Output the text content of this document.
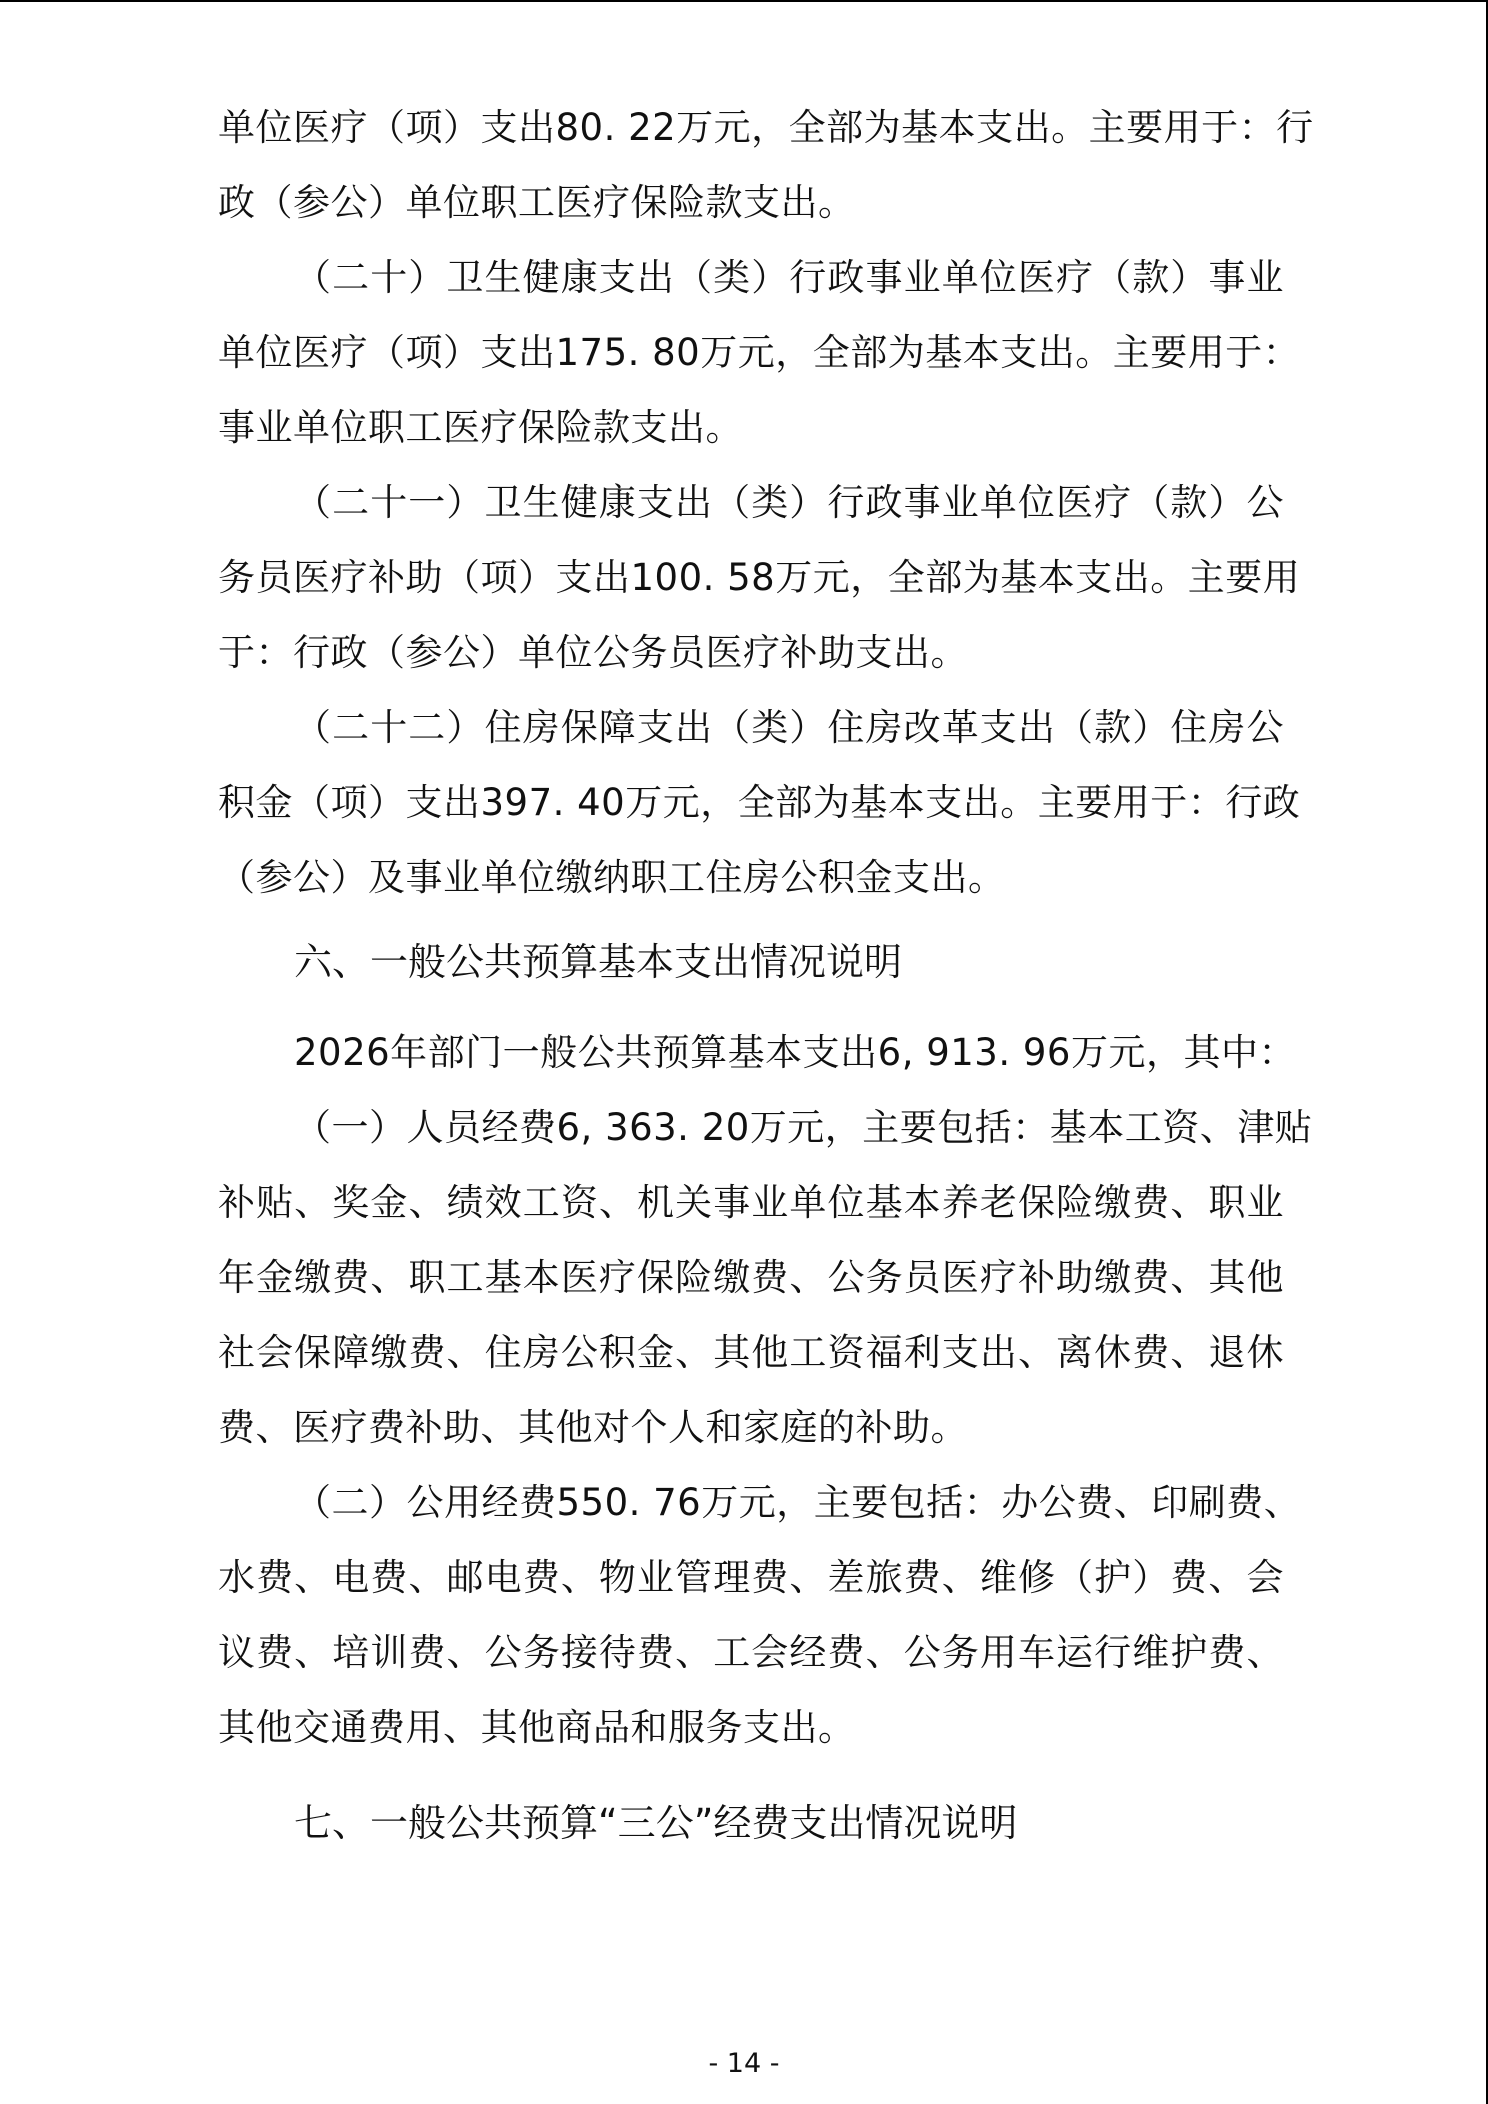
单位医疗（项）支出80. 22万元，全部为基本支出。主要用于：行
政（参公）单位职工医疗保险款支出。
（二十）卫生健康支出（类）行政事业单位医疗（款）事业
单位医疗（项）支出175. 80万元，全部为基本支出。主要用于：
事业单位职工医疗保险款支出。
（二十一）卫生健康支出（类）行政事业单位医疗（款）公
务员医疗补助（项）支出100. 58万元，全部为基本支出。主要用
于：行政（参公）单位公务员医疗补助支出。
（二十二）住房保障支出（类）住房改革支出（款）住房公
积金（项）支出397. 40万元，全部为基本支出。主要用于：行政
（参公）及事业单位缴纳职工住房公积金支出。
六、一般公共预算基本支出情况说明
2026年部门一般公共预算基本支出6, 913. 96万元，其中：
（一）人员经费6, 363. 20万元，主要包括：基本工资、津贴
补贴、奖金、绩效工资、机关事业单位基本养老保险缴费、职业
年金缴费、职工基本医疗保险缴费、公务员医疗补助缴费、其他
社会保障缴费、住房公积金、其他工资福利支出、离休费、退休
费、医疗费补助、其他对个人和家庭的补助。
（二）公用经费550. 76万元，主要包括：办公费、印刷费、
水费、电费、邮电费、物业管理费、差旅费、维修（护）费、会
议费、培训费、公务接待费、工会经费、公务用车运行维护费、
其他交通费用、其他商品和服务支出。
七、一般公共预算“三公”经费支出情况说明
- 14 -
